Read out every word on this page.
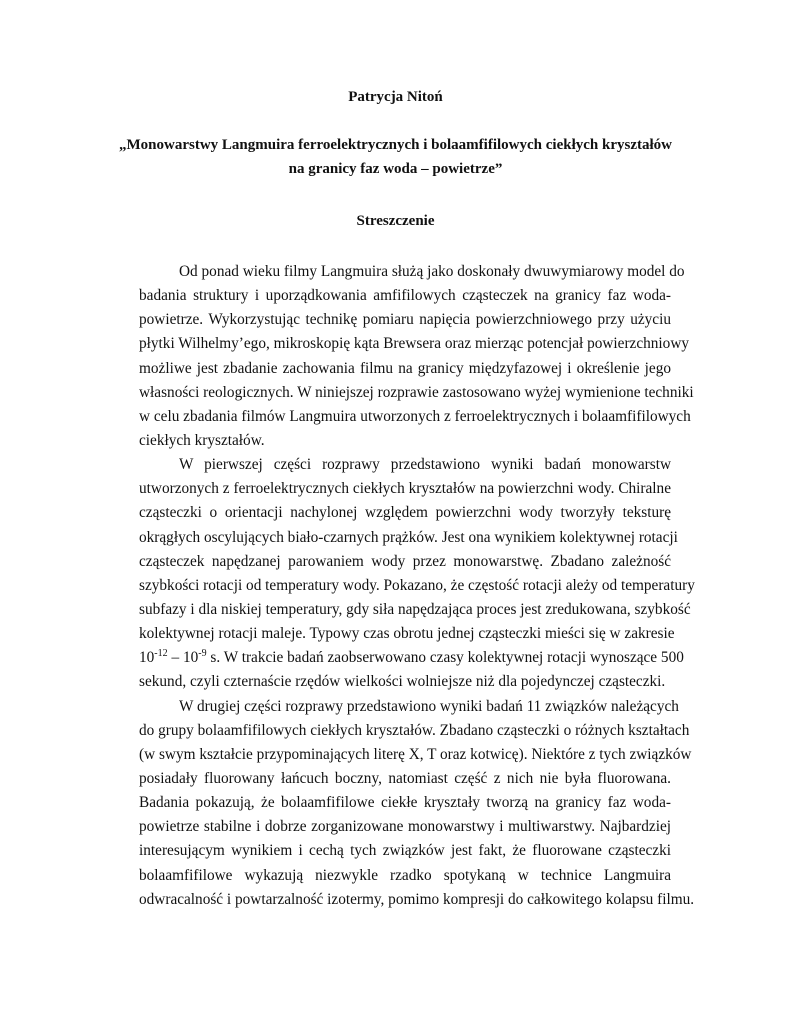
Patrycja Nitoń
„Monowarstwy Langmuira ferroelektrycznych i bolaamfifilowych ciekłych kryształów
na granicy faz woda – powietrze”
Streszczenie
Od ponad wieku filmy Langmuira służą jako doskonały dwuwymiarowy model do
badania struktury i uporządkowania amfifilowych cząsteczek na granicy faz woda-
powietrze. Wykorzystując technikę pomiaru napięcia powierzchniowego przy użyciu
płytki Wilhelmy’ego, mikroskopię kąta Brewsera oraz mierząc potencjał powierzchniowy
możliwe jest zbadanie zachowania filmu na granicy międzyfazowej i określenie jego
własności reologicznych. W niniejszej rozprawie zastosowano wyżej wymienione techniki
w celu zbadania filmów Langmuira utworzonych z ferroelektrycznych i bolaamfifilowych
ciekłych kryształów.
W pierwszej części rozprawy przedstawiono wyniki badań monowarstw
utworzonych z ferroelektrycznych ciekłych kryształów na powierzchni wody. Chiralne
cząsteczki o orientacji nachylonej względem powierzchni wody tworzyły teksturę
okrągłych oscylujących biało-czarnych prążków. Jest ona wynikiem kolektywnej rotacji
cząsteczek napędzanej parowaniem wody przez monowarstwę. Zbadano zależność
szybkości rotacji od temperatury wody. Pokazano, że częstość rotacji ależy od temperatury
subfazy i dla niskiej temperatury, gdy siła napędzająca proces jest zredukowana, szybkość
kolektywnej rotacji maleje. Typowy czas obrotu jednej cząsteczki mieści się w zakresie
$10^{-12} - 10^{-9}$ s. W trakcie badań zaobserwowano czasy kolektywnej rotacji wynoszące 500
sekund, czyli czternaście rzędów wielkości wolniejsze niż dla pojedynczej cząsteczki.
W drugiej części rozprawy przedstawiono wyniki badań 11 związków należących
do grupy bolaamfifilowych ciekłych kryształów. Zbadano cząsteczki o różnych kształtach
(w swym kształcie przypominających literę X, T oraz kotwicę). Niektóre z tych związków
posiadały fluorowany łańcuch boczny, natomiast część z nich nie była fluorowana.
Badania pokazują, że bolaamfifilowe ciekłe kryształy tworzą na granicy faz woda-
powietrze stabilne i dobrze zorganizowane monowarstwy i multiwarstwy. Najbardziej
interesującym wynikiem i cechą tych związków jest fakt, że fluorowane cząsteczki
bolaamfifilowe wykazują niezwykle rzadko spotykaną w technice Langmuira
odwracalność i powtarzalność izotermy, pomimo kompresji do całkowitego kolapsu filmu.
